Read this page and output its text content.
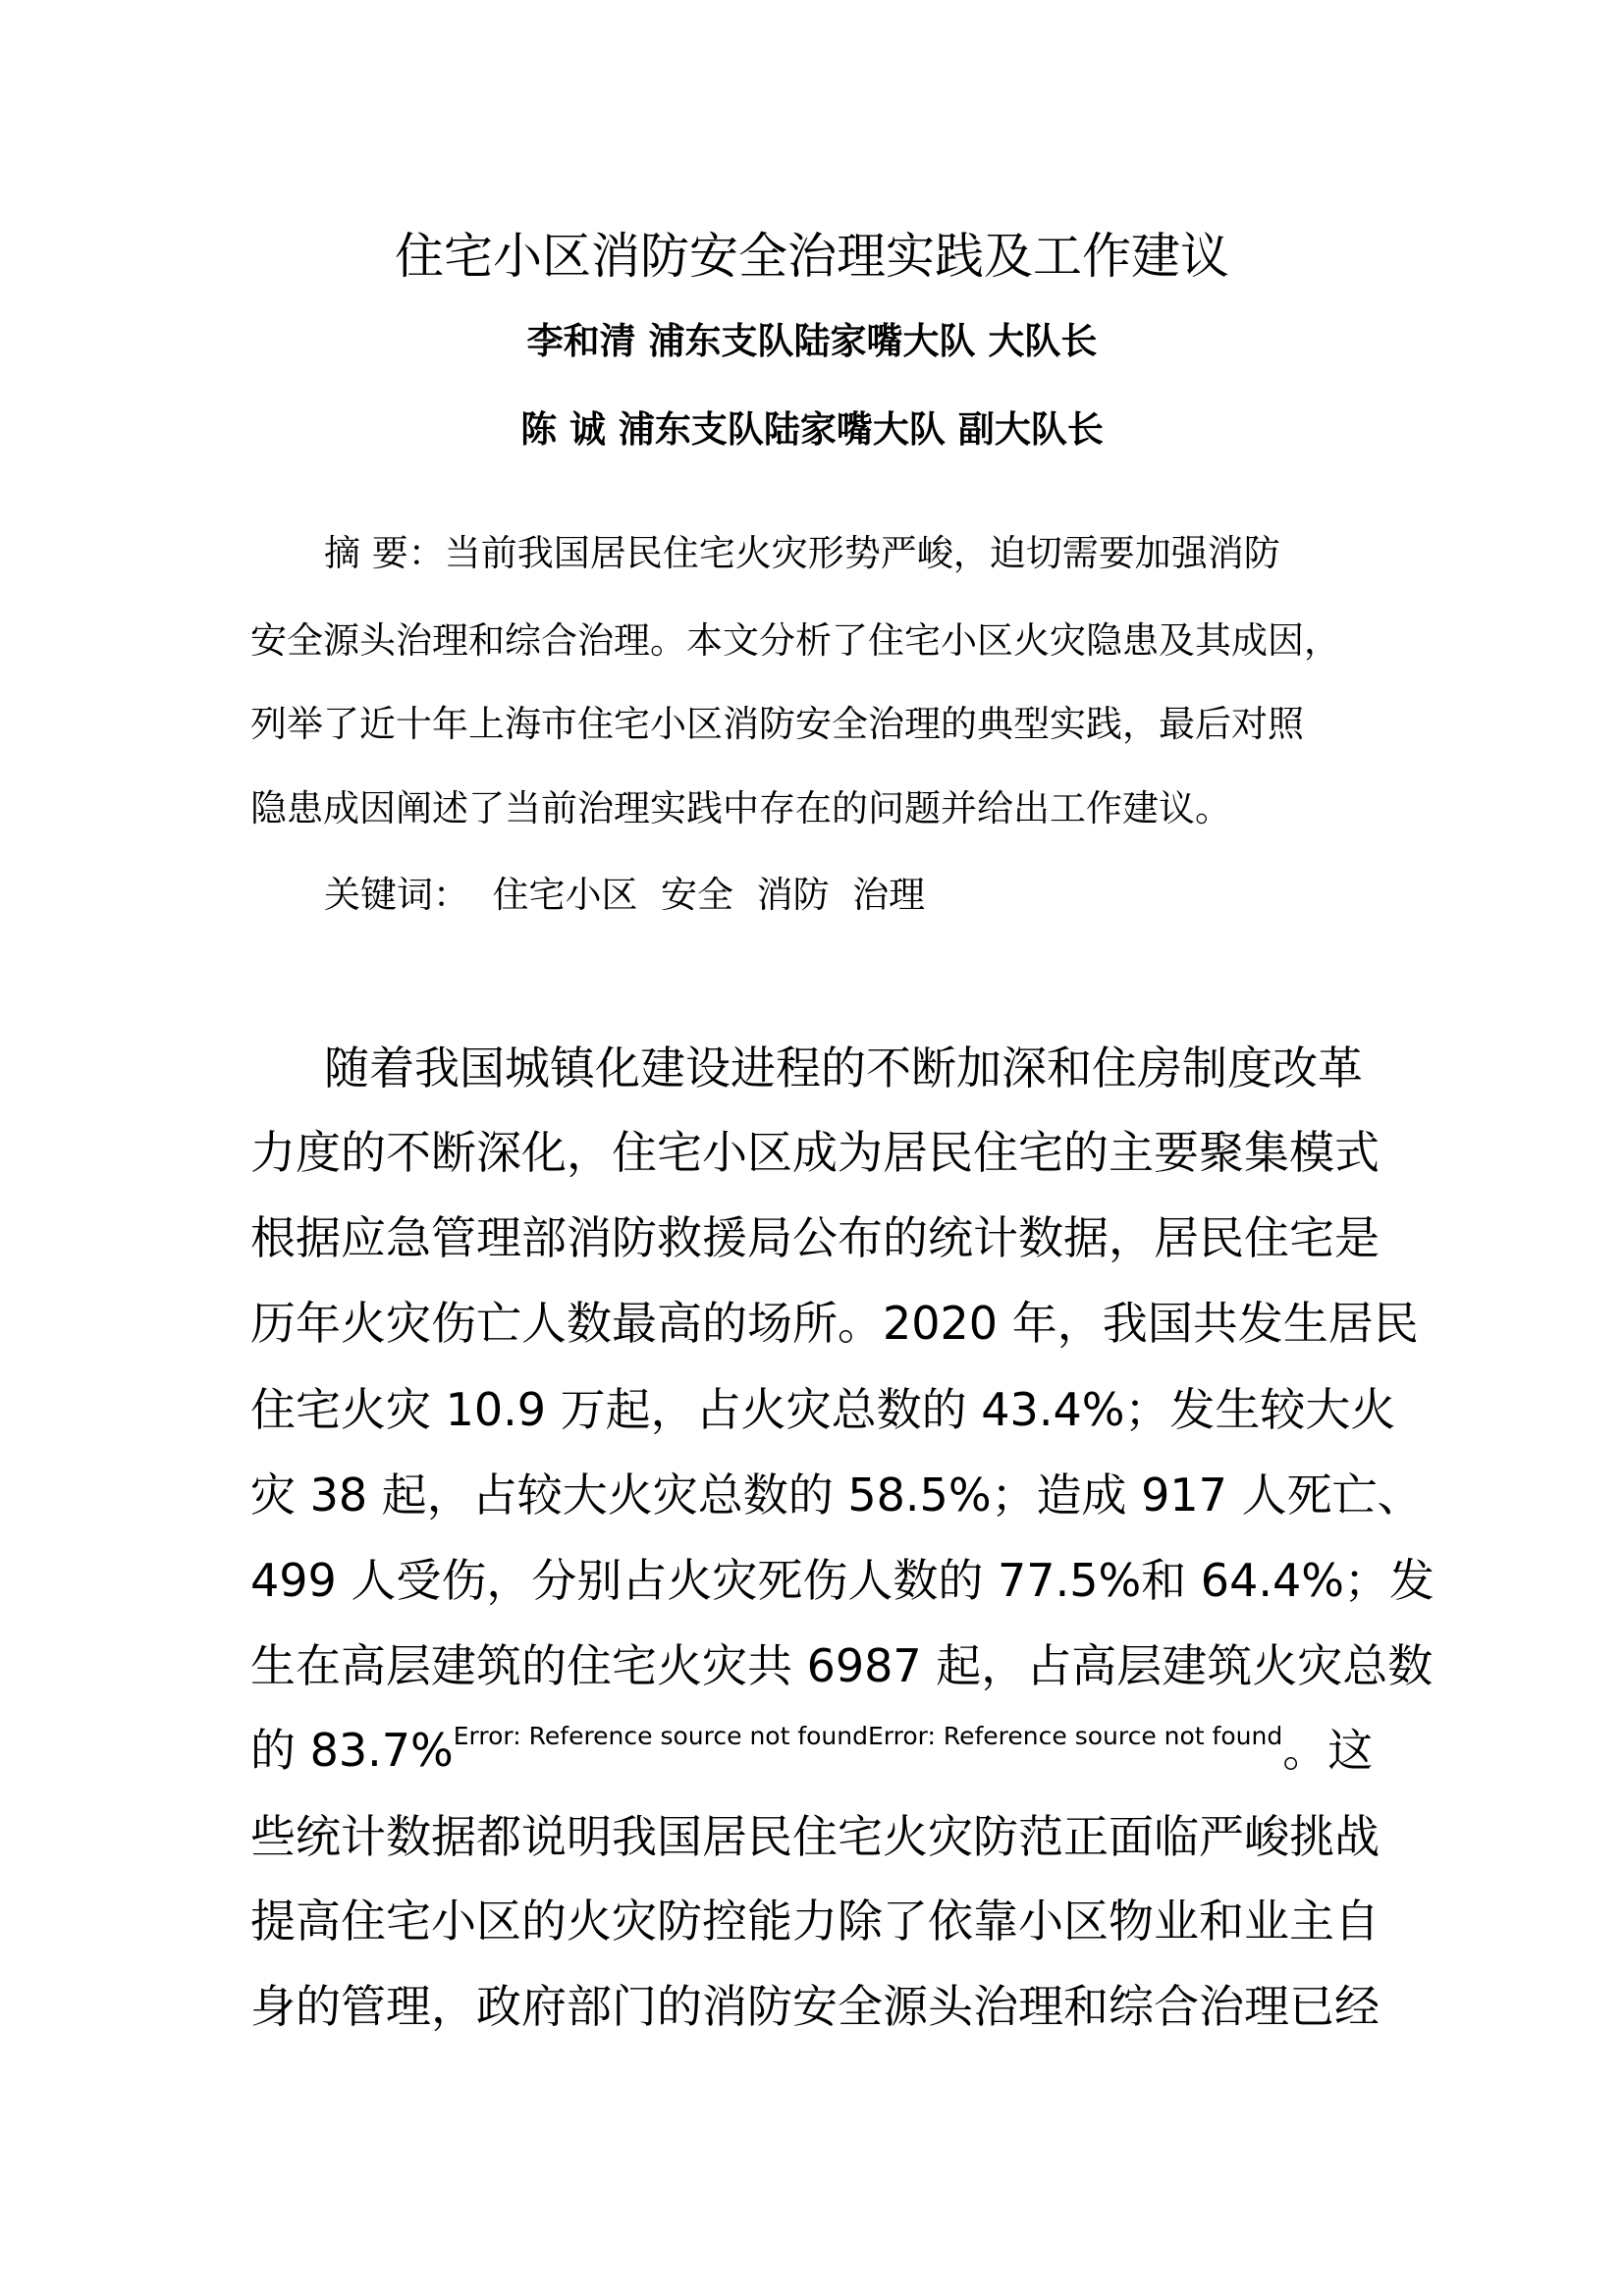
住宅小区消防安全治理实践及工作建议
李和清 浦东支队陆家嘴大队 大队长
陈 诚 浦东支队陆家嘴大队 副大队长
摘 要：当前我国居民住宅火灾形势严峻，迫切需要加强消防
安全源头治理和综合治理。本文分析了住宅小区火灾隐患及其成因，
列举了近十年上海市住宅小区消防安全治理的典型实践，最后对照
隐患成因阐述了当前治理实践中存在的问题并给出工作建议。
关键词：  住宅小区  安全  消防  治理
随着我国城镇化建设进程的不断加深和住房制度改革
力度的不断深化，住宅小区成为居民住宅的主要聚集模式
根据应急管理部消防救援局公布的统计数据，居民住宅是
历年火灾伤亡人数最高的场所。2020 年，我国共发生居民
住宅火灾 10.9 万起，占火灾总数的 43.4%；发生较大火
灾 38 起，占较大火灾总数的 58.5%；造成 917 人死亡、
499 人受伤，分别占火灾死伤人数的 77.5%和 64.4%；发
生在高层建筑的住宅火灾共 6987 起，占高层建筑火灾总数
的 83.7%$^{Error: Reference source not foundError: Reference source not found}$。这
些统计数据都说明我国居民住宅火灾防范正面临严峻挑战
提高住宅小区的火灾防控能力除了依靠小区物业和业主自
身的管理，政府部门的消防安全源头治理和综合治理已经
